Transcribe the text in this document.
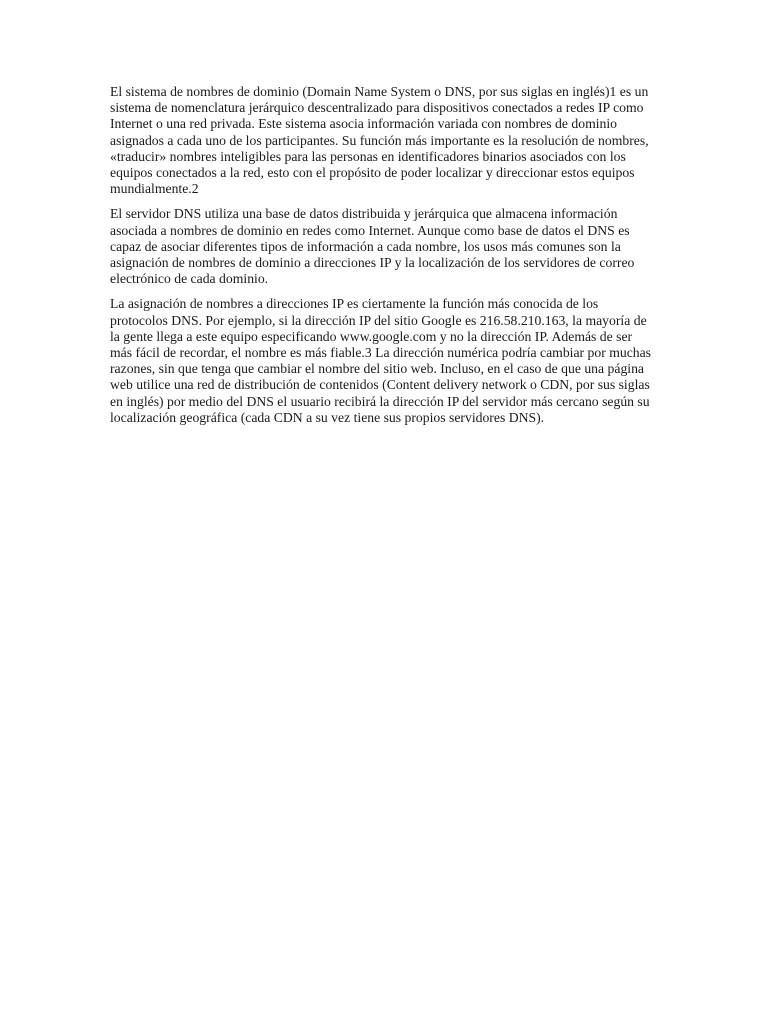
El sistema de nombres de dominio (Domain Name System o DNS, por sus siglas en inglés)1 es un sistema de nomenclatura jerárquico descentralizado para dispositivos conectados a redes IP como Internet o una red privada. Este sistema asocia información variada con nombres de dominio asignados a cada uno de los participantes. Su función más importante es la resolución de nombres, «traducir» nombres inteligibles para las personas en identificadores binarios asociados con los equipos conectados a la red, esto con el propósito de poder localizar y direccionar estos equipos mundialmente.2

El servidor DNS utiliza una base de datos distribuida y jerárquica que almacena información asociada a nombres de dominio en redes como Internet. Aunque como base de datos el DNS es capaz de asociar diferentes tipos de información a cada nombre, los usos más comunes son la asignación de nombres de dominio a direcciones IP y la localización de los servidores de correo electrónico de cada dominio.

La asignación de nombres a direcciones IP es ciertamente la función más conocida de los protocolos DNS. Por ejemplo, si la dirección IP del sitio Google es 216.58.210.163, la mayoría de la gente llega a este equipo especificando www.google.com y no la dirección IP. Además de ser más fácil de recordar, el nombre es más fiable.3 La dirección numérica podría cambiar por muchas razones, sin que tenga que cambiar el nombre del sitio web. Incluso, en el caso de que una página web utilice una red de distribución de contenidos (Content delivery network o CDN, por sus siglas en inglés) por medio del DNS el usuario recibirá la dirección IP del servidor más cercano según su localización geográfica (cada CDN a su vez tiene sus propios servidores DNS).
